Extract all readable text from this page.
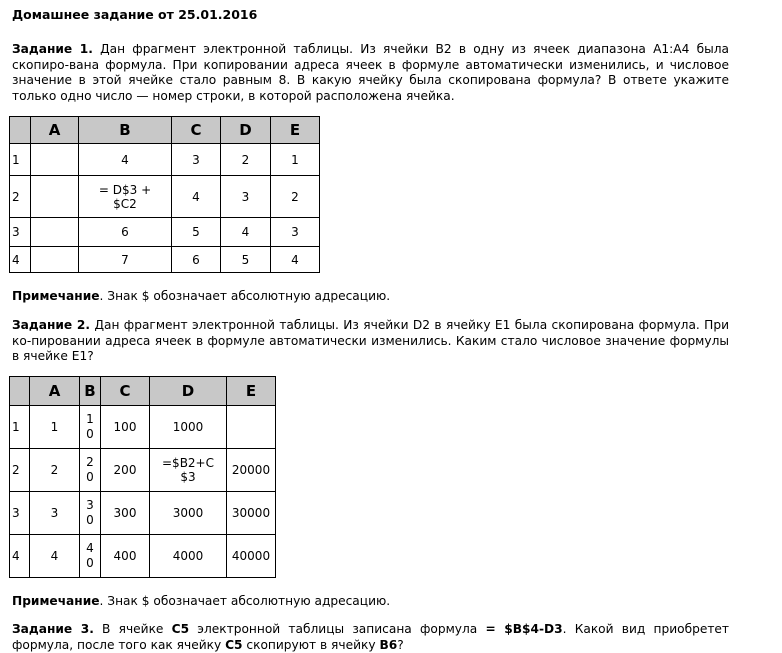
Домашнее задание от 25.01.2016
Задание 1. Дан фрагмент электронной таблицы. Из ячейки B2 в одну из ячеек диапазона A1:A4 была скопиро-вана формула. При копировании адреса ячеек в формуле автоматически изменились, и числовое значение в этой ячейке стало равным 8. В какую ячейку была скопирована формула? В ответе укажите только одно число — номер строки, в которой расположена ячейка.
	A	B	C	D	E
1		4	3	2	1
2		= D$3 + $C2	4	3	2
3		6	5	4	3
4		7	6	5	4
Примечание. Знак $ обозначает абсолютную адресацию.
Задание 2. Дан фрагмент электронной таблицы. Из ячейки D2 в ячейку E1 была скопирована формула. При ко-пировании адреса ячеек в формуле автоматически изменились. Каким стало числовое значение формулы в ячейке E1?
	A	B	C	D	E
1	1	10	100	1000	
2	2	20	200	=$B2+C$3	20000
3	3	30	300	3000	30000
4	4	40	400	4000	40000
Примечание. Знак $ обозначает абсолютную адресацию.
Задание 3. В ячейке C5 электронной таблицы записана формула = $B$4-D3. Какой вид приобретет формула, после того как ячейку C5 скопируют в ячейку B6?
